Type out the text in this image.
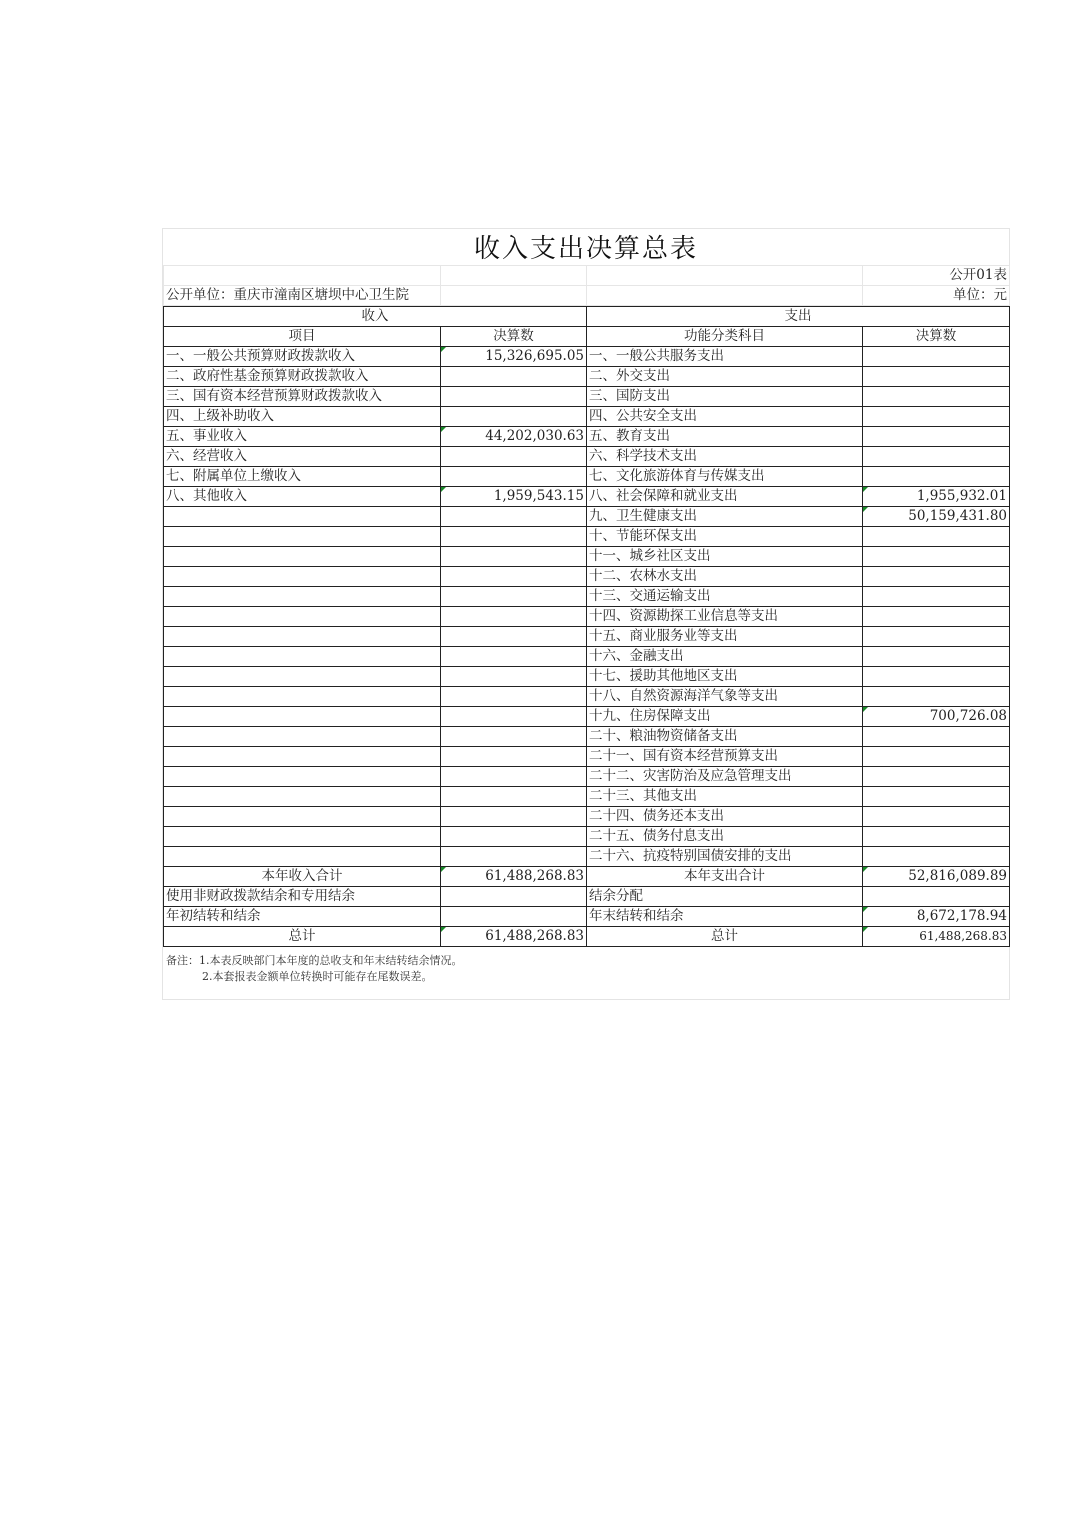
收入支出决算总表
			公开01表
公开单位：重庆市潼南区塘坝中心卫生院			单位：元
收入		支出	
项目	决算数	功能分类科目	决算数
一、一般公共预算财政拨款收入	15,326,695.05	一、一般公共服务支出	
二、政府性基金预算财政拨款收入		二、外交支出	
三、国有资本经营预算财政拨款收入		三、国防支出	
四、上级补助收入		四、公共安全支出	
五、事业收入	44,202,030.63	五、教育支出	
六、经营收入		六、科学技术支出	
七、附属单位上缴收入		七、文化旅游体育与传媒支出	
八、其他收入	1,959,543.15	八、社会保障和就业支出	1,955,932.01
		九、卫生健康支出	50,159,431.80
		十、节能环保支出	
		十一、城乡社区支出	
		十二、农林水支出	
		十三、交通运输支出	
		十四、资源勘探工业信息等支出	
		十五、商业服务业等支出	
		十六、金融支出	
		十七、援助其他地区支出	
		十八、自然资源海洋气象等支出	
		十九、住房保障支出	700,726.08
		二十、粮油物资储备支出	
		二十一、国有资本经营预算支出	
		二十二、灾害防治及应急管理支出	
		二十三、其他支出	
		二十四、债务还本支出	
		二十五、债务付息支出	
		二十六、抗疫特别国债安排的支出	
本年收入合计	61,488,268.83	本年支出合计	52,816,089.89
使用非财政拨款结余和专用结余		结余分配	
年初结转和结余		年末结转和结余	8,672,178.94
总计	61,488,268.83	总计	61,488,268.83
备注：1.本表反映部门本年度的总收支和年末结转结余情况。
2.本套报表金额单位转换时可能存在尾数误差。
